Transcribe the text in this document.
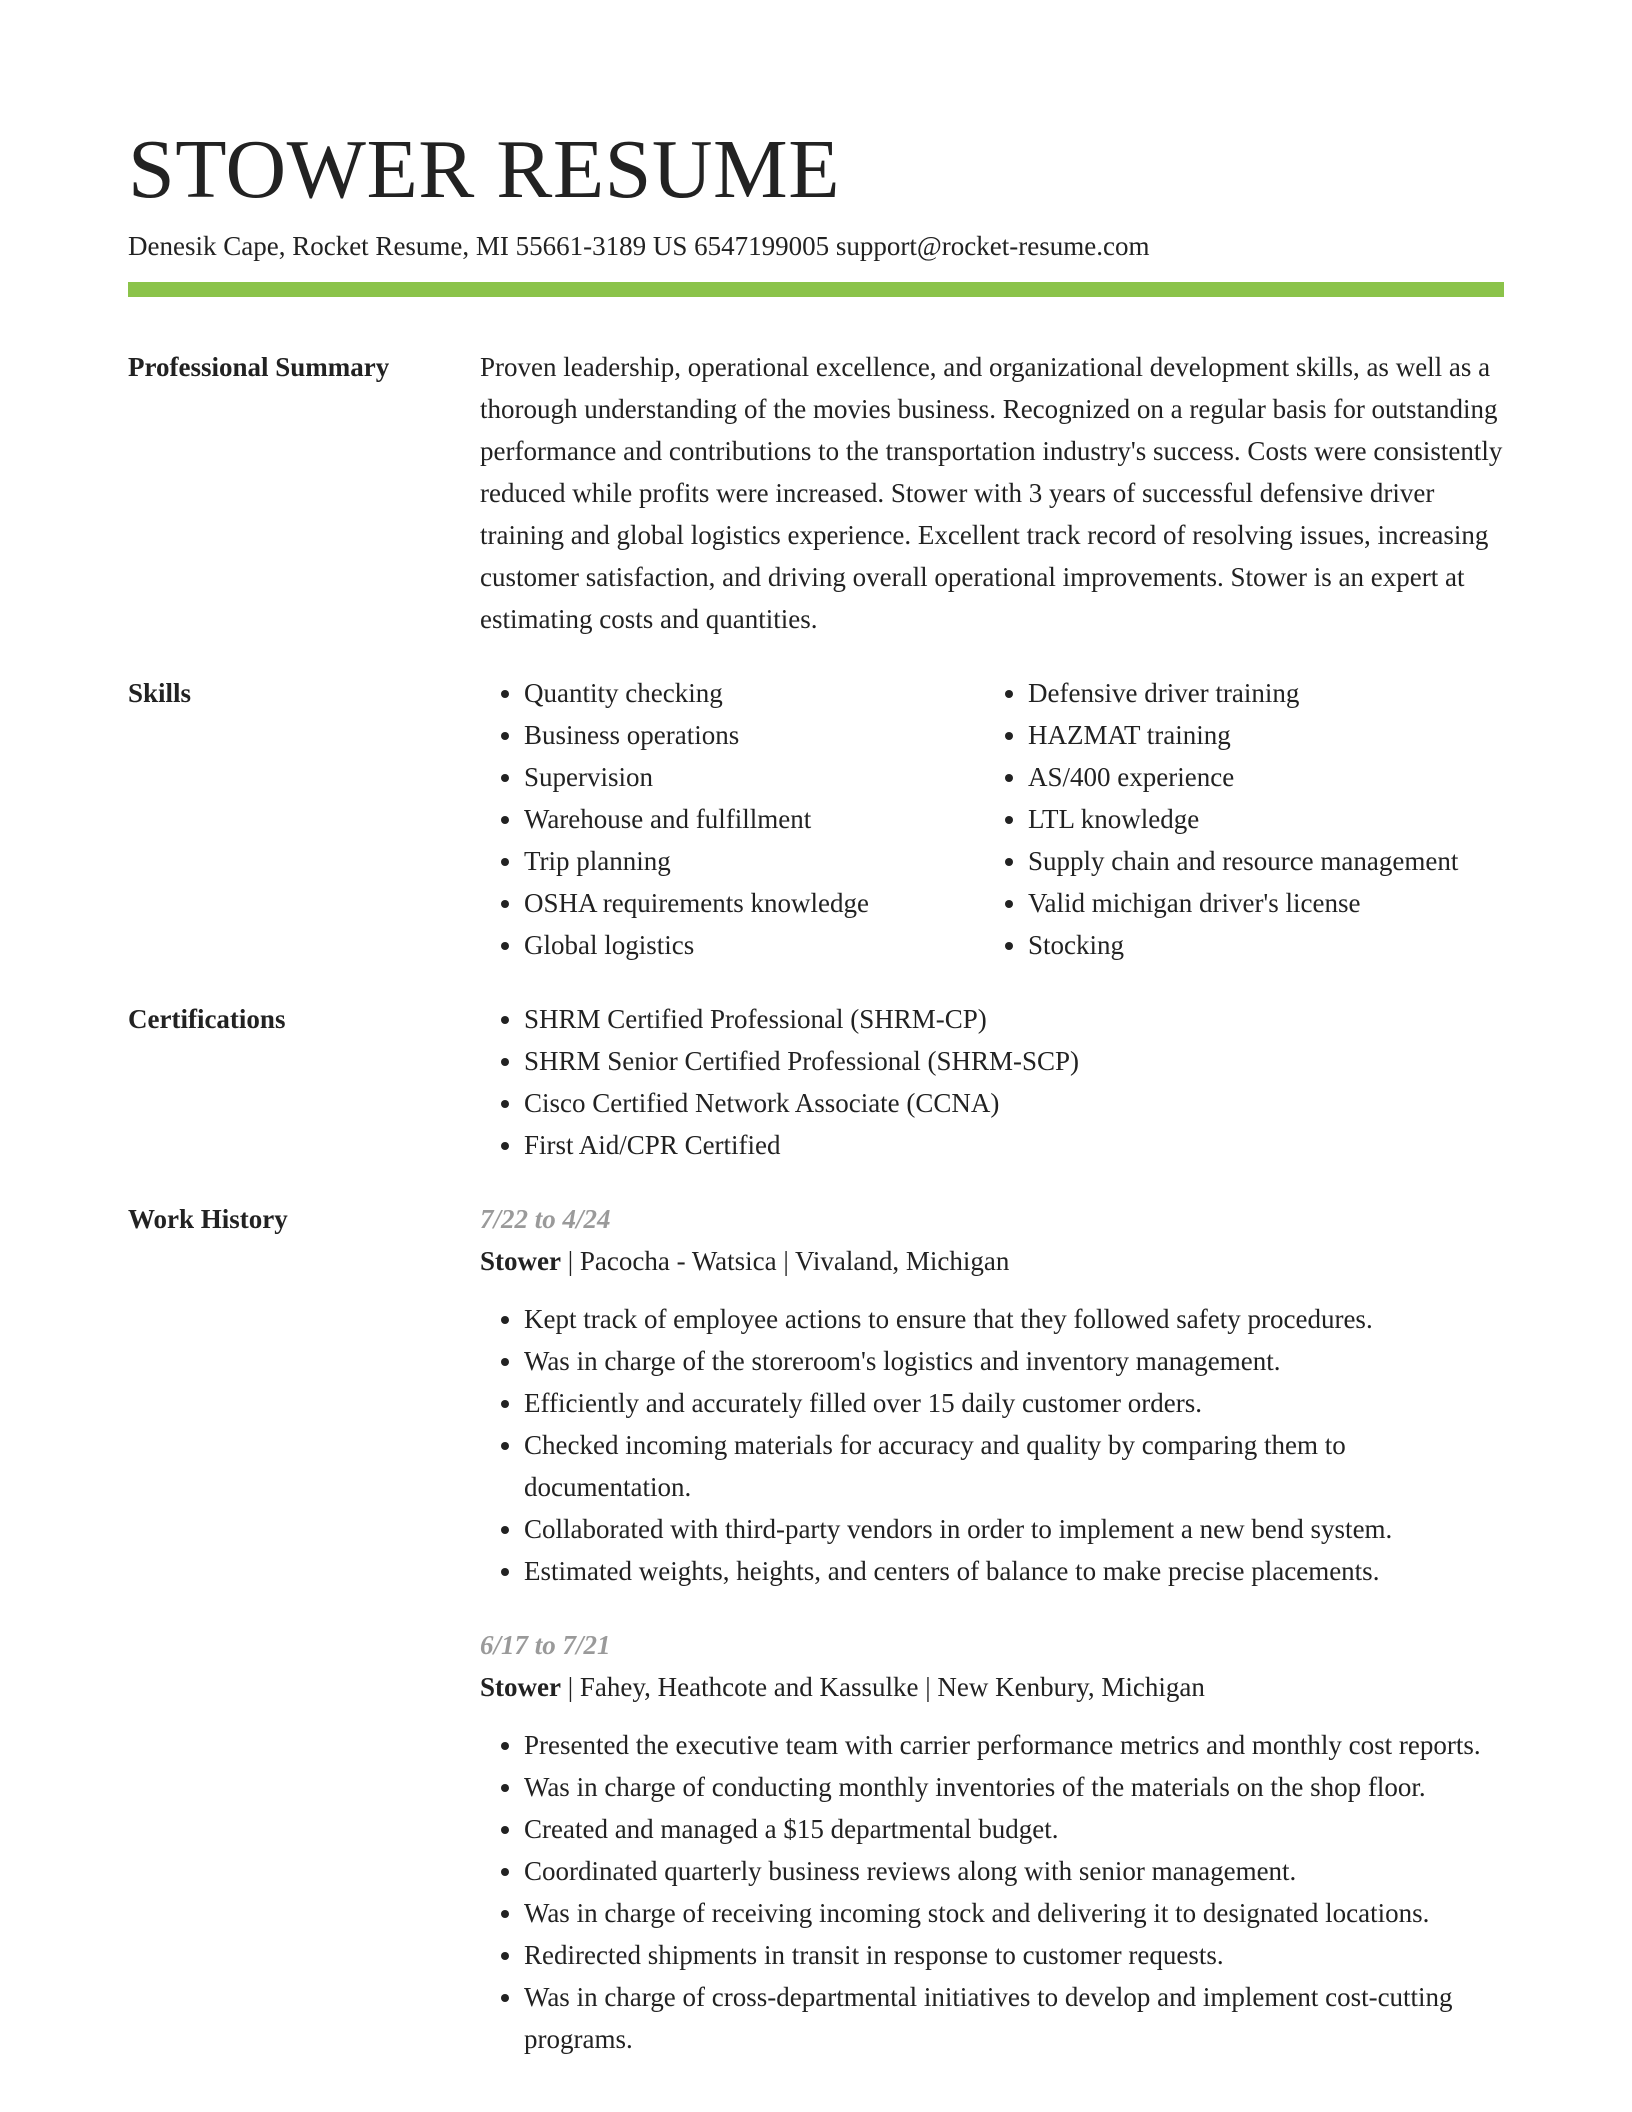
STOWER RESUME
Denesik Cape, Rocket Resume, MI 55661-3189 US 6547199005 support@rocket-resume.com
Professional Summary	Proven leadership, operational excellence, and organizational development skills, as well as a thorough understanding of the movies business. Recognized on a regular basis for outstanding performance and contributions to the transportation industry's success. Costs were consistently reduced while profits were increased. Stower with 3 years of successful defensive driver training and global logistics experience. Excellent track record of resolving issues, increasing customer satisfaction, and driving overall operational improvements. Stower is an expert at estimating costs and quantities.
Skills	• Quantity checking
• Business operations
• Supervision
• Warehouse and fulfillment
• Trip planning
• OSHA requirements knowledge
• Global logistics
• Defensive driver training
• HAZMAT training
• AS/400 experience
• LTL knowledge
• Supply chain and resource management
• Valid michigan driver's license
• Stocking
Certifications	• SHRM Certified Professional (SHRM-CP)
• SHRM Senior Certified Professional (SHRM-SCP)
• Cisco Certified Network Associate (CCNA)
• First Aid/CPR Certified
Work History	7/22 to 4/24
Stower | Pacocha - Watsica | Vivaland, Michigan
• Kept track of employee actions to ensure that they followed safety procedures.
• Was in charge of the storeroom's logistics and inventory management.
• Efficiently and accurately filled over 15 daily customer orders.
• Checked incoming materials for accuracy and quality by comparing them to documentation.
• Collaborated with third-party vendors in order to implement a new bend system.
• Estimated weights, heights, and centers of balance to make precise placements.
6/17 to 7/21
Stower | Fahey, Heathcote and Kassulke | New Kenbury, Michigan
• Presented the executive team with carrier performance metrics and monthly cost reports.
• Was in charge of conducting monthly inventories of the materials on the shop floor.
• Created and managed a $15 departmental budget.
• Coordinated quarterly business reviews along with senior management.
• Was in charge of receiving incoming stock and delivering it to designated locations.
• Redirected shipments in transit in response to customer requests.
• Was in charge of cross-departmental initiatives to develop and implement cost-cutting programs.
